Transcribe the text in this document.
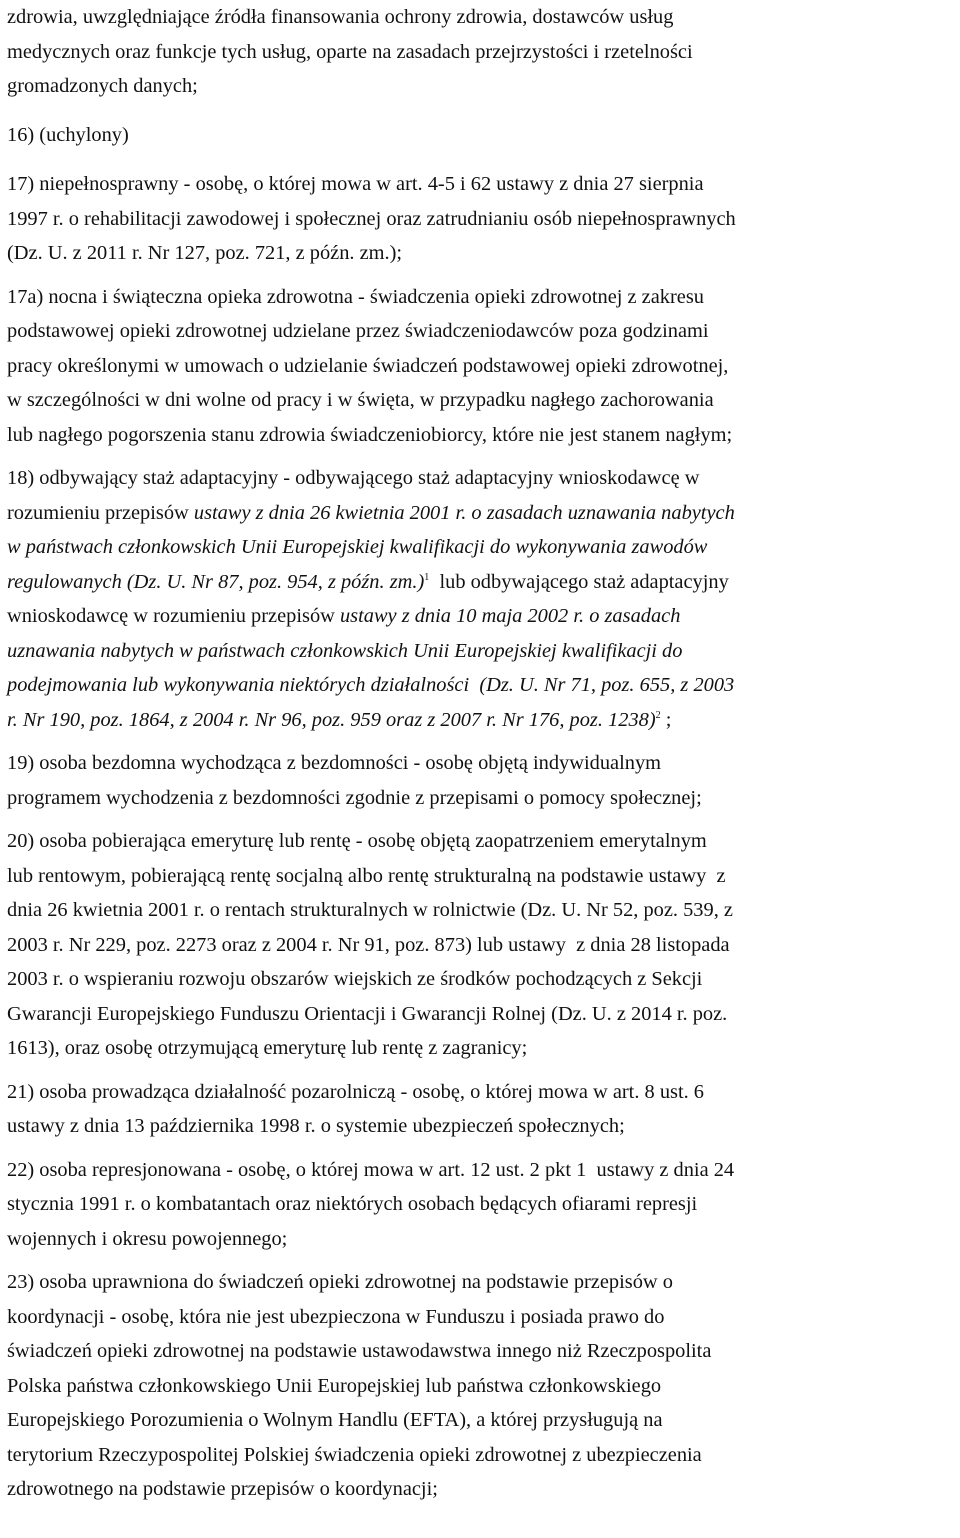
zdrowia, uwzględniające źródła finansowania ochrony zdrowia, dostawców usług
medycznych oraz funkcje tych usług, oparte na zasadach przejrzystości i rzetelności
gromadzonych danych;
16) (uchylony)
17) niepełnosprawny - osobę, o której mowa w art. 4-5 i 62 ustawy z dnia 27 sierpnia
1997 r. o rehabilitacji zawodowej i społecznej oraz zatrudnianiu osób niepełnosprawnych
(Dz. U. z 2011 r. Nr 127, poz. 721, z późn. zm.);
17a) nocna i świąteczna opieka zdrowotna - świadczenia opieki zdrowotnej z zakresu
podstawowej opieki zdrowotnej udzielane przez świadczeniodawców poza godzinami
pracy określonymi w umowach o udzielanie świadczeń podstawowej opieki zdrowotnej,
w szczególności w dni wolne od pracy i w święta, w przypadku nagłego zachorowania
lub nagłego pogorszenia stanu zdrowia świadczeniobiorcy, które nie jest stanem nagłym;
18) odbywający staż adaptacyjny - odbywającego staż adaptacyjny wnioskodawcę w
rozumieniu przepisów ustawy z dnia 26 kwietnia 2001 r. o zasadach uznawania nabytych
w państwach członkowskich Unii Europejskiej kwalifikacji do wykonywania zawodów
regulowanych (Dz. U. Nr 87, poz. 954, z późn. zm.)$^1$  lub odbywającego staż adaptacyjny
wnioskodawcę w rozumieniu przepisów ustawy z dnia 10 maja 2002 r. o zasadach
uznawania nabytych w państwach członkowskich Unii Europejskiej kwalifikacji do
podejmowania lub wykonywania niektórych działalności  (Dz. U. Nr 71, poz. 655, z 2003
r. Nr 190, poz. 1864, z 2004 r. Nr 96, poz. 959 oraz z 2007 r. Nr 176, poz. 1238)$^2$ ;
19) osoba bezdomna wychodząca z bezdomności - osobę objętą indywidualnym
programem wychodzenia z bezdomności zgodnie z przepisami o pomocy społecznej;
20) osoba pobierająca emeryturę lub rentę - osobę objętą zaopatrzeniem emerytalnym
lub rentowym, pobierającą rentę socjalną albo rentę strukturalną na podstawie ustawy  z
dnia 26 kwietnia 2001 r. o rentach strukturalnych w rolnictwie (Dz. U. Nr 52, poz. 539, z
2003 r. Nr 229, poz. 2273 oraz z 2004 r. Nr 91, poz. 873) lub ustawy  z dnia 28 listopada
2003 r. o wspieraniu rozwoju obszarów wiejskich ze środków pochodzących z Sekcji
Gwarancji Europejskiego Funduszu Orientacji i Gwarancji Rolnej (Dz. U. z 2014 r. poz.
1613), oraz osobę otrzymującą emeryturę lub rentę z zagranicy;
21) osoba prowadząca działalność pozarolniczą - osobę, o której mowa w art. 8 ust. 6
ustawy z dnia 13 października 1998 r. o systemie ubezpieczeń społecznych;
22) osoba represjonowana - osobę, o której mowa w art. 12 ust. 2 pkt 1  ustawy z dnia 24
stycznia 1991 r. o kombatantach oraz niektórych osobach będących ofiarami represji
wojennych i okresu powojennego;
23) osoba uprawniona do świadczeń opieki zdrowotnej na podstawie przepisów o
koordynacji - osobę, która nie jest ubezpieczona w Funduszu i posiada prawo do
świadczeń opieki zdrowotnej na podstawie ustawodawstwa innego niż Rzeczpospolita
Polska państwa członkowskiego Unii Europejskiej lub państwa członkowskiego
Europejskiego Porozumienia o Wolnym Handlu (EFTA), a której przysługują na
terytorium Rzeczypospolitej Polskiej świadczenia opieki zdrowotnej z ubezpieczenia
zdrowotnego na podstawie przepisów o koordynacji;
